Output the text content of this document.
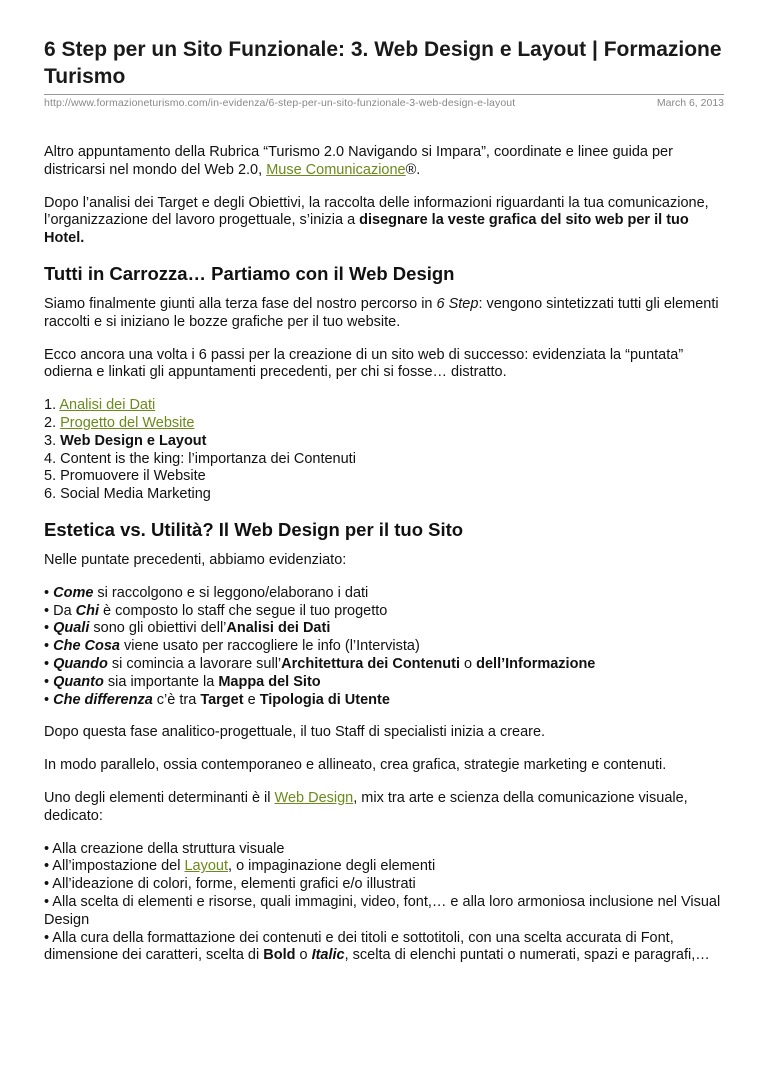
6 Step per un Sito Funzionale: 3. Web Design e Layout | Formazione Turismo
http://www.formazioneturismo.com/in-evidenza/6-step-per-un-sito-funzionale-3-web-design-e-layout	March 6, 2013

Altro appuntamento della Rubrica “Turismo 2.0 Navigando si Impara”, coordinate e linee guida per districarsi nel mondo del Web 2.0, Muse Comunicazione®.

Dopo l’analisi dei Target e degli Obiettivi, la raccolta delle informazioni riguardanti la tua comunicazione, l’organizzazione del lavoro progettuale, s’inizia a disegnare la veste grafica del sito web per il tuo Hotel.

Tutti in Carrozza… Partiamo con il Web Design

Siamo finalmente giunti alla terza fase del nostro percorso in 6 Step: vengono sintetizzati tutti gli elementi raccolti e si iniziano le bozze grafiche per il tuo website.

Ecco ancora una volta i 6 passi per la creazione di un sito web di successo: evidenziata la “puntata” odierna e linkati gli appuntamenti precedenti, per chi si fosse… distratto.

1. Analisi dei Dati
2. Progetto del Website
3. Web Design e Layout
4. Content is the king: l’importanza dei Contenuti
5. Promuovere il Website
6. Social Media Marketing
Estetica vs. Utilità? Il Web Design per il tuo Sito

Nelle puntate precedenti, abbiamo evidenziato:

• Come si raccolgono e si leggono/elaborano i dati
• Da Chi è composto lo staff che segue il tuo progetto
• Quali sono gli obiettivi dell’Analisi dei Dati
• Che Cosa viene usato per raccogliere le info (l’Intervista)
• Quando si comincia a lavorare sull’Architettura dei Contenuti o dell’Informazione
• Quanto sia importante la Mappa del Sito
• Che differenza c’è tra Target e Tipologia di Utente

Dopo questa fase analitico-progettuale, il tuo Staff di specialisti inizia a creare.

In modo parallelo, ossia contemporaneo e allineato, crea grafica, strategie marketing e contenuti.

Uno degli elementi determinanti è il Web Design, mix tra arte e scienza della comunicazione visuale, dedicato:

• Alla creazione della struttura visuale
• All’impostazione del Layout, o impaginazione degli elementi
• All’ideazione di colori, forme, elementi grafici e/o illustrati
• Alla scelta di elementi e risorse, quali immagini, video, font,… e alla loro armoniosa inclusione nel Visual Design
• Alla cura della formattazione dei contenuti e dei titoli e sottotitoli, con una scelta accurata di Font, dimensione dei caratteri, scelta di Bold o Italic, scelta di elenchi puntati o numerati, spazi e paragrafi,…
